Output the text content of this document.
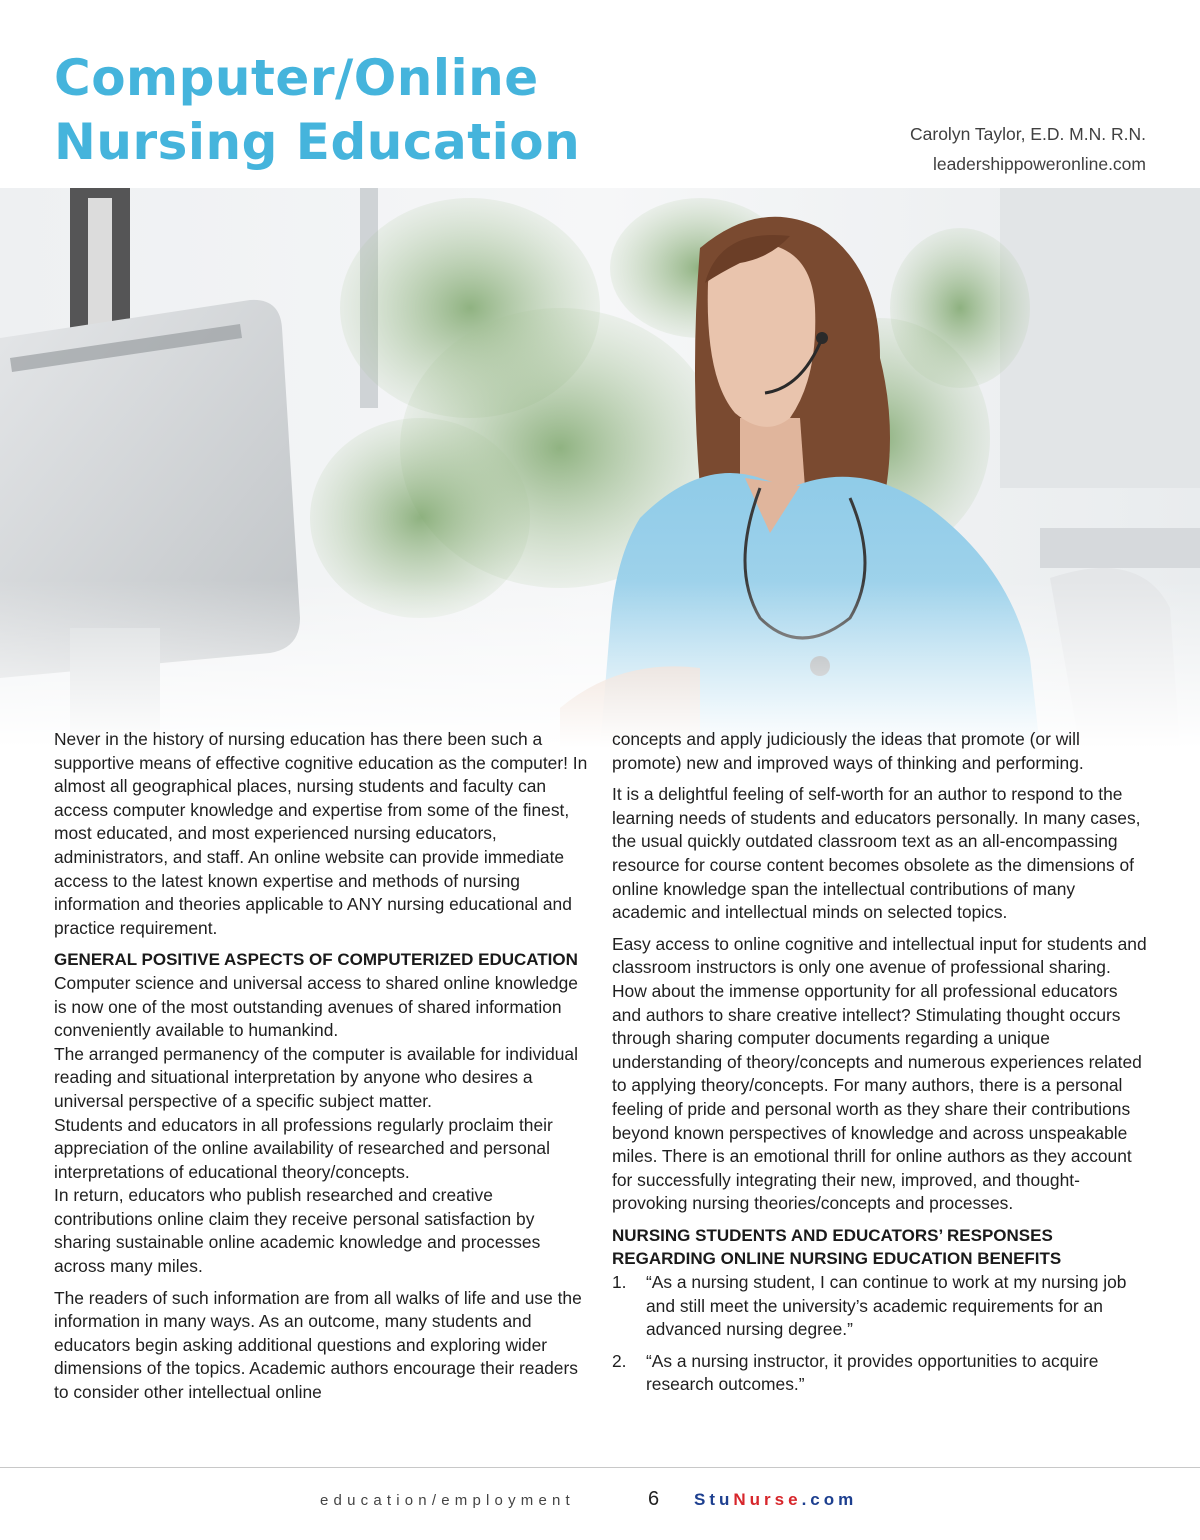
Computer/Online
Nursing Education	Carolyn Taylor, E.D. M.N. R.N.
leadershippoweronline.com

Never in the history of nursing education has there been such a supportive means of effective cognitive education as the computer! In almost all geographical places, nursing students and faculty can access computer knowledge and expertise from some of the finest, most educated, and most experienced nursing educators, administrators, and staff. An online website can provide immediate access to the latest known expertise and methods of nursing information and theories applicable to ANY nursing educational and practice requirement.

GENERAL POSITIVE ASPECTS OF COMPUTERIZED EDUCATION

Computer science and universal access to shared online knowledge is now one of the most outstanding avenues of shared information conveniently available to humankind.

The arranged permanency of the computer is available for individual reading and situational interpretation by anyone who desires a universal perspective of a specific subject matter.

Students and educators in all professions regularly proclaim their appreciation of the online availability of researched and personal interpretations of educational theory/concepts.

In return, educators who publish researched and creative contributions online claim they receive personal satisfaction by sharing sustainable online academic knowledge and processes across many miles.

The readers of such information are from all walks of life and use the information in many ways. As an outcome, many students and educators begin asking additional questions and exploring wider dimensions of the topics. Academic authors encourage their readers to consider other intellectual online

concepts and apply judiciously the ideas that promote (or will promote) new and improved ways of thinking and performing.

It is a delightful feeling of self-worth for an author to respond to the learning needs of students and educators personally. In many cases, the usual quickly outdated classroom text as an all-encompassing resource for course content becomes obsolete as the dimensions of online knowledge span the intellectual contributions of many academic and intellectual minds on selected topics.

Easy access to online cognitive and intellectual input for students and classroom instructors is only one avenue of professional sharing. How about the immense opportunity for all professional educators and authors to share creative intellect? Stimulating thought occurs through sharing computer documents regarding a unique understanding of theory/concepts and numerous experiences related to applying theory/concepts. For many authors, there is a personal feeling of pride and personal worth as they share their contributions beyond known perspectives of knowledge and across unspeakable miles. There is an emotional thrill for online authors as they account for successfully integrating their new, improved, and thought-provoking nursing theories/concepts and processes.

NURSING STUDENTS AND EDUCATORS’ RESPONSES REGARDING ONLINE NURSING EDUCATION BENEFITS
1. “As a nursing student, I can continue to work at my nursing job and still meet the university’s academic requirements for an advanced nursing degree.”
2. “As a nursing instructor, it provides opportunities to acquire research outcomes.”
education/employment	6 StuNurse.com
